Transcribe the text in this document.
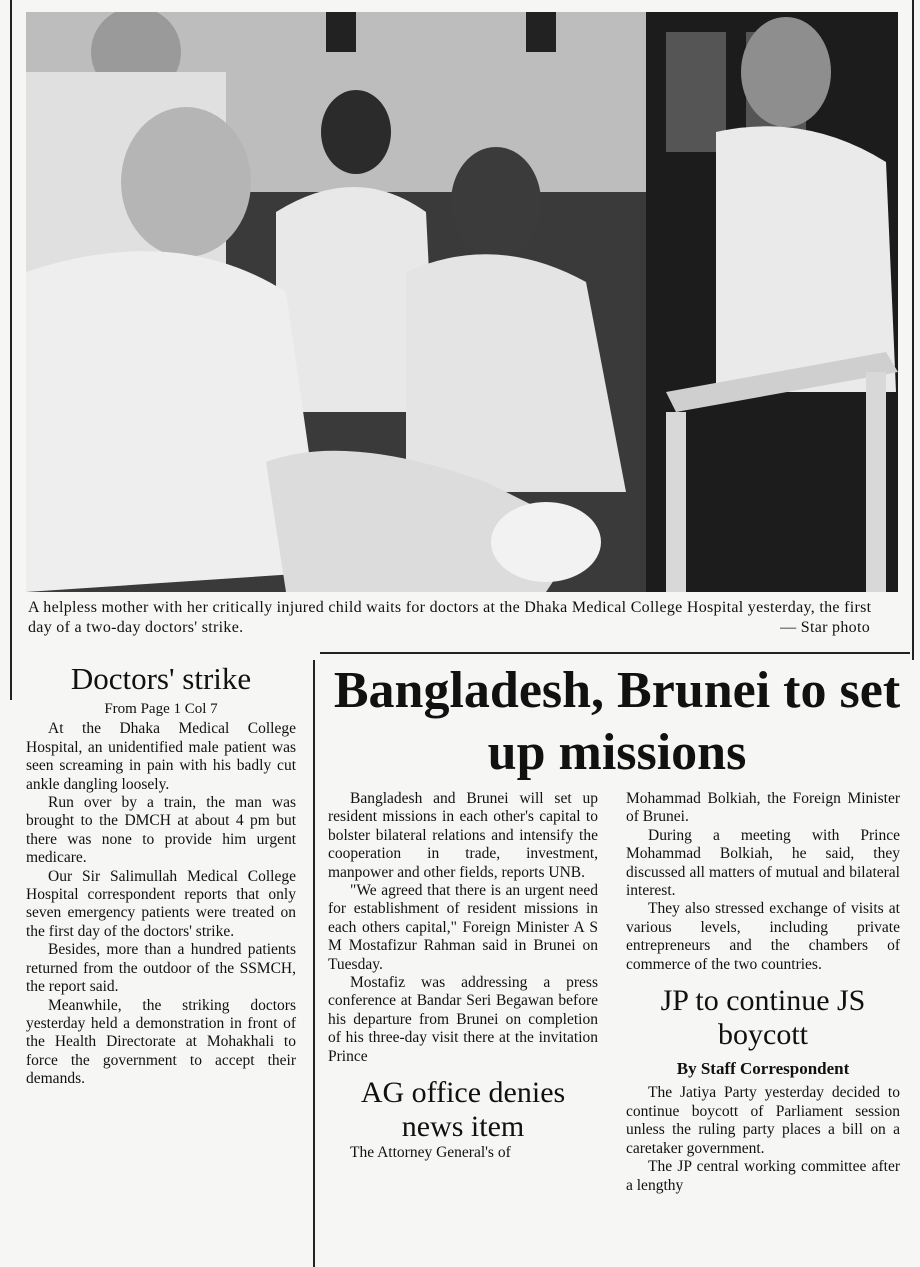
A helpless mother with her critically injured child waits for doctors at the Dhaka Medical College Hospital yesterday, the first day of a two-day doctors' strike.	— Star photo
Doctors' strike
From Page 1 Col 7

At the Dhaka Medical College Hospital, an unidentified male patient was seen screaming in pain with his badly cut ankle dangling loosely.

Run over by a train, the man was brought to the DMCH at about 4 pm but there was none to provide him urgent medicare.

Our Sir Salimullah Medical College Hospital correspondent reports that only seven emergency patients were treated on the first day of the doctors' strike.

Besides, more than a hundred patients returned from the outdoor of the SSMCH, the report said.

Meanwhile, the striking doctors yesterday held a demonstration in front of the Health Directorate at Mohakhali to force the government to accept their demands.

Bangladesh, Brunei to set up missions

Bangladesh and Brunei will set up resident missions in each other's capital to bolster bilateral relations and intensify the cooperation in trade, investment, manpower and other fields, reports UNB.

"We agreed that there is an urgent need for establishment of resident missions in each others capital," Foreign Minister A S M Mostafizur Rahman said in Brunei on Tuesday.

Mostafiz was addressing a press conference at Bandar Seri Begawan before his departure from Brunei on completion of his three-day visit there at the invitation Prince

AG office denies news item

The Attorney General's of

Mohammad Bolkiah, the Foreign Minister of Brunei.

During a meeting with Prince Mohammad Bolkiah, he said, they discussed all matters of mutual and bilateral interest.

They also stressed exchange of visits at various levels, including private entrepreneurs and the chambers of commerce of the two countries.

JP to continue JS boycott
By Staff Correspondent

The Jatiya Party yesterday decided to continue boycott of Parliament session unless the ruling party places a bill on a caretaker government.

The JP central working committee after a lengthy
